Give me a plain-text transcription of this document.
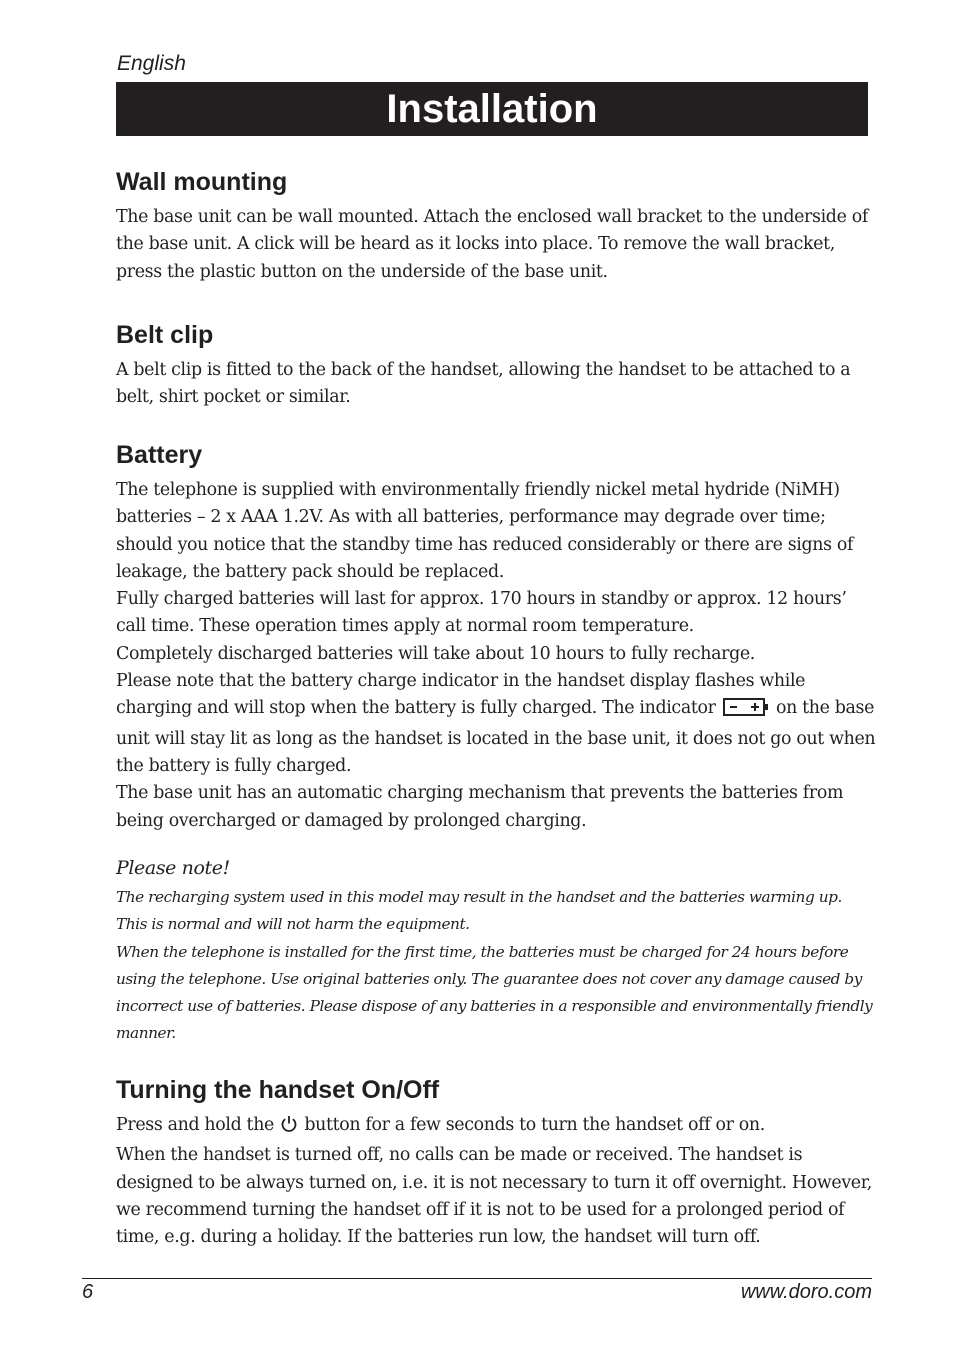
English
Installation
Wall mounting

The base unit can be wall mounted. Attach the enclosed wall bracket to the underside of the base unit. A click will be heard as it locks into place. To remove the wall bracket, press the plastic button on the underside of the base unit.

Belt clip

A belt clip is fitted to the back of the handset, allowing the handset to be attached to a belt, shirt pocket or similar.

Battery

The telephone is supplied with environmentally friendly nickel metal hydride (NiMH) batteries – 2 x AAA 1.2V. As with all batteries, performance may degrade over time; should you notice that the standby time has reduced considerably or there are signs of leakage, the battery pack should be replaced.

Fully charged batteries will last for approx. 170 hours in standby or approx. 12 hours’ call time. These operation times apply at normal room temperature.

Completely discharged batteries will take about 10 hours to fully recharge.

Please note that the battery charge indicator in the handset display flashes while charging and will stop when the battery is fully charged. The indicator	on the base unit will stay lit as long as the handset is located in the base unit, it does not go out when the battery is fully charged.

The base unit has an automatic charging mechanism that prevents the batteries from being overcharged or damaged by prolonged charging.

Please note!

The recharging system used in this model may result in the handset and the batteries warming up. This is normal and will not harm the equipment.

When the telephone is installed for the first time, the batteries must be charged for 24 hours before using the telephone. Use original batteries only. The guarantee does not cover any damage caused by incorrect use of batteries. Please dispose of any batteries in a responsible and environmentally friendly manner.

Turning the handset On/Off

Press and hold the button for a few seconds to turn the handset off or on.

When the handset is turned off, no calls can be made or received. The handset is designed to be always turned on, i.e. it is not necessary to turn it off overnight. However, we recommend turning the handset off if it is not to be used for a prolonged period of time, e.g. during a holiday. If the batteries run low, the handset will turn off.

6	www.doro.com
